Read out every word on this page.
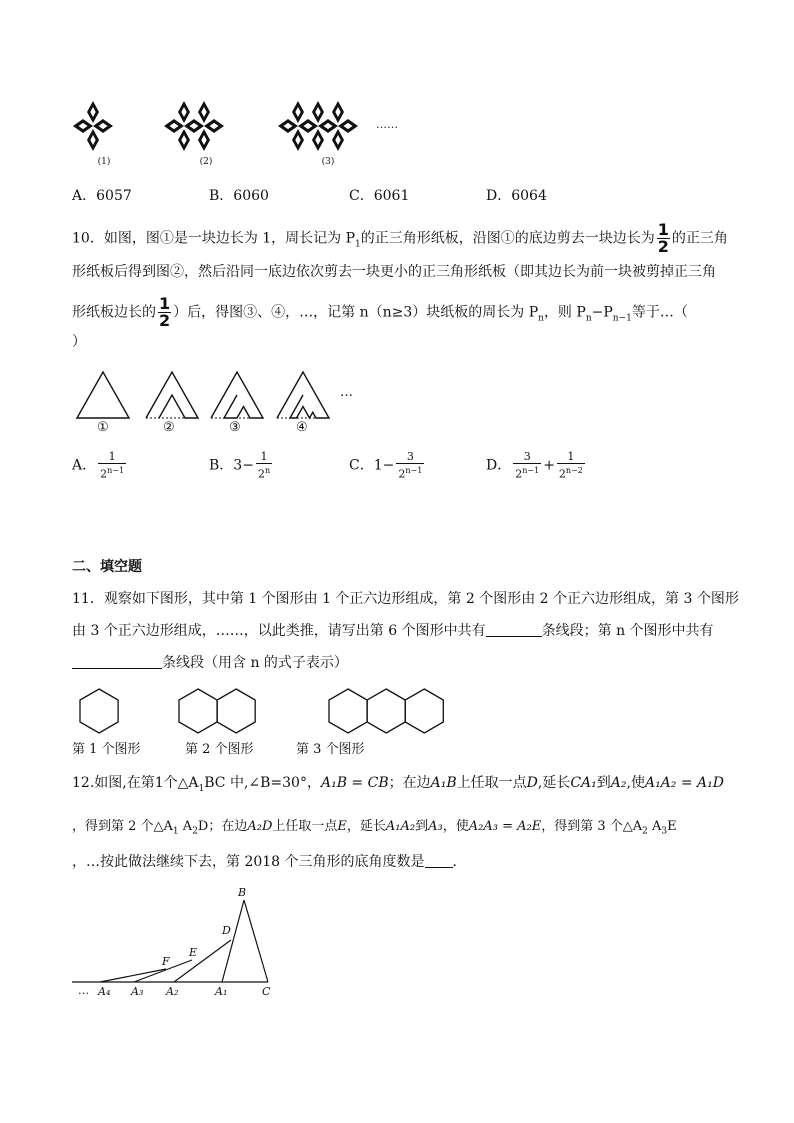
(1)	(2)	(3)
……
A．6057	B．6060	C．6061	D．6064
10．如图，图①是一块边长为 1，周长记为 $P_1$的正三角形纸板，沿图①的底边剪去一块边长为 $\frac{1}{2}$ 的正三角
形纸板后得到图②，然后沿同一底边依次剪去一块更小的正三角形纸板（即其边长为前一块被剪掉正三角
形纸板边长的 $\frac{1}{2}$ ）后，得图③、④，…，记第 n（n≥3）块纸板的周长为 $P_n$，则 $P_n-P_{n-1}$等于…（
）
…
①	②	③	④
A． $\frac{1}{2^{n-1}}$	B．$3- \frac{1}{2^n}$	C．$1- \frac{3}{2^{n-1}}$	D． $\frac{3}{2^{n-1}} + \frac{1}{2^{n-2}}$
二、填空题
11．观察如下图形，其中第 1 个图形由 1 个正六边形组成，第 2 个图形由 2 个正六边形组成，第 3 个图形
由 3 个正六边形组成，……，以此类推，请写出第 6 个图形中共有	条线段；第 n 个图形中共有
条线段（用含 n 的式子表示）
第 1 个图形	第 2 个图形	第 3 个图形
12.如图,在第1个$\triangle A_1BC$ 中,∠B=30°，A₁B = CB；在边A₁B上任取一点D,延长CA₁到A₂,使A₁A₂ = A₁D
，得到第 2 个$\triangle A_1$ $A_2D$；在边A₂D上任取一点E，延长A₁A₂到A₃，使A₂A₃ = A₂E，得到第 3 个$\triangle A_2$ $A_3E$
，…按此做法继续下去，第 2018 个三角形的底角度数是 ．
B
D
E
F
… A₄ A₃ A₂	A₁	C
